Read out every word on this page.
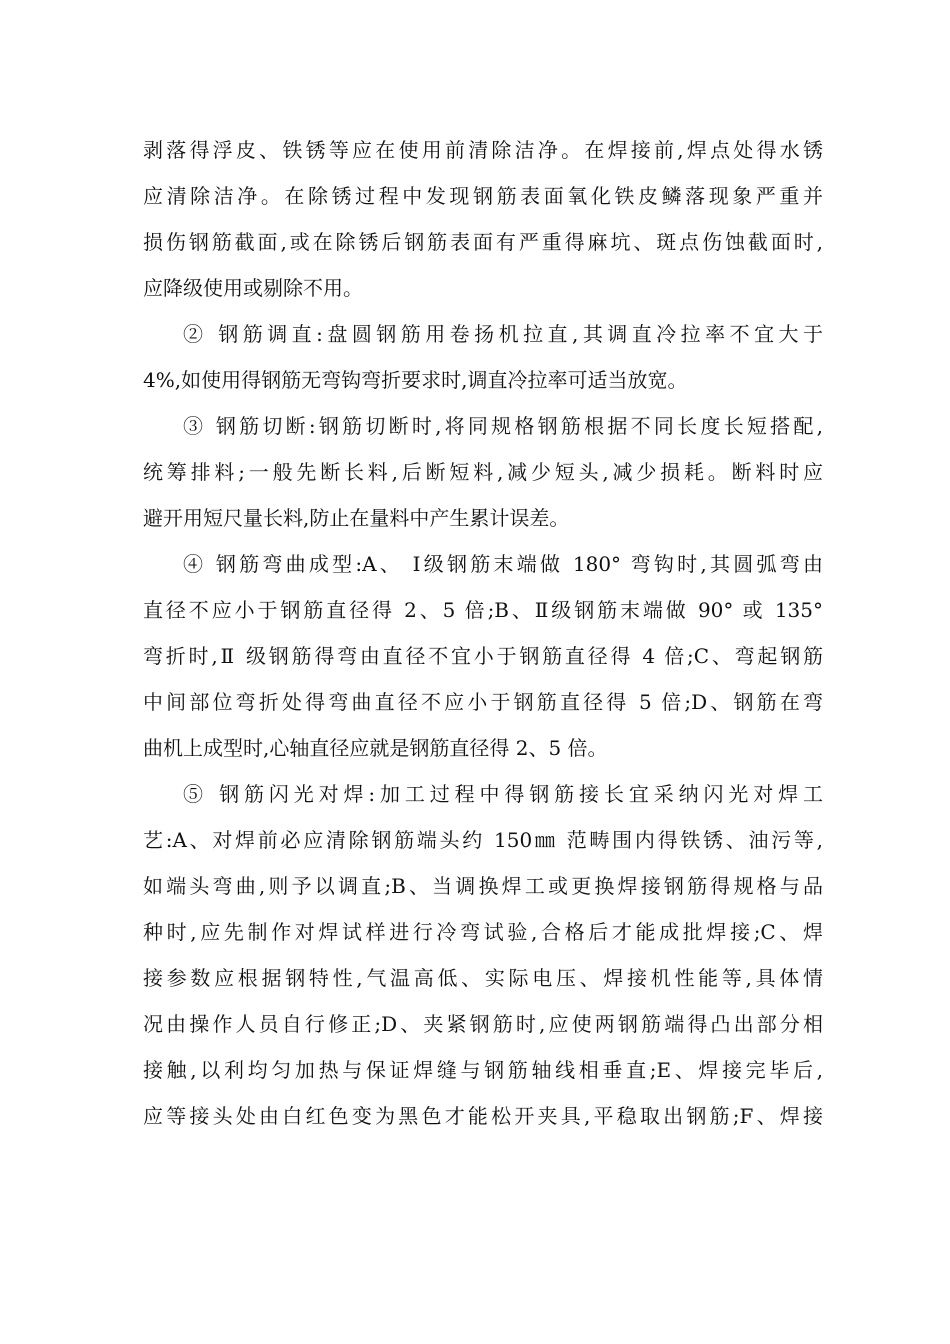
剥落得浮皮、铁锈等应在使用前清除洁净。在焊接前,焊点处得水锈
应清除洁净。在除锈过程中发现钢筋表面氧化铁皮鳞落现象严重并
损伤钢筋截面,或在除锈后钢筋表面有严重得麻坑、斑点伤蚀截面时,
应降级使用或剔除不用。
② 钢筋调直:盘圆钢筋用卷扬机拉直,其调直冷拉率不宜大于
4%,如使用得钢筋无弯钩弯折要求时,调直冷拉率可适当放宽。
③ 钢筋切断:钢筋切断时,将同规格钢筋根据不同长度长短搭配,
统筹排料;一般先断长料,后断短料,减少短头,减少损耗。断料时应
避开用短尺量长料,防止在量料中产生累计误差。
④ 钢筋弯曲成型:A、 Ⅰ级钢筋末端做 180° 弯钩时,其圆弧弯由
直径不应小于钢筋直径得 2、5 倍;B、Ⅱ级钢筋末端做 90° 或 135°
弯折时,Ⅱ 级钢筋得弯由直径不宜小于钢筋直径得 4 倍;C、弯起钢筋
中间部位弯折处得弯曲直径不应小于钢筋直径得 5 倍;D、钢筋在弯
曲机上成型时,心轴直径应就是钢筋直径得 2、5 倍。
⑤ 钢筋闪光对焊:加工过程中得钢筋接长宜采纳闪光对焊工
艺:A、对焊前必应清除钢筋端头约 150㎜ 范畴围内得铁锈、油污等,
如端头弯曲,则予以调直;B、当调换焊工或更换焊接钢筋得规格与品
种时,应先制作对焊试样进行冷弯试验,合格后才能成批焊接;C、焊
接参数应根据钢特性,气温高低、实际电压、焊接机性能等,具体情
况由操作人员自行修正;D、夹紧钢筋时,应使两钢筋端得凸出部分相
接触,以利均匀加热与保证焊缝与钢筋轴线相垂直;E、焊接完毕后,
应等接头处由白红色变为黑色才能松开夹具,平稳取出钢筋;F、焊接
